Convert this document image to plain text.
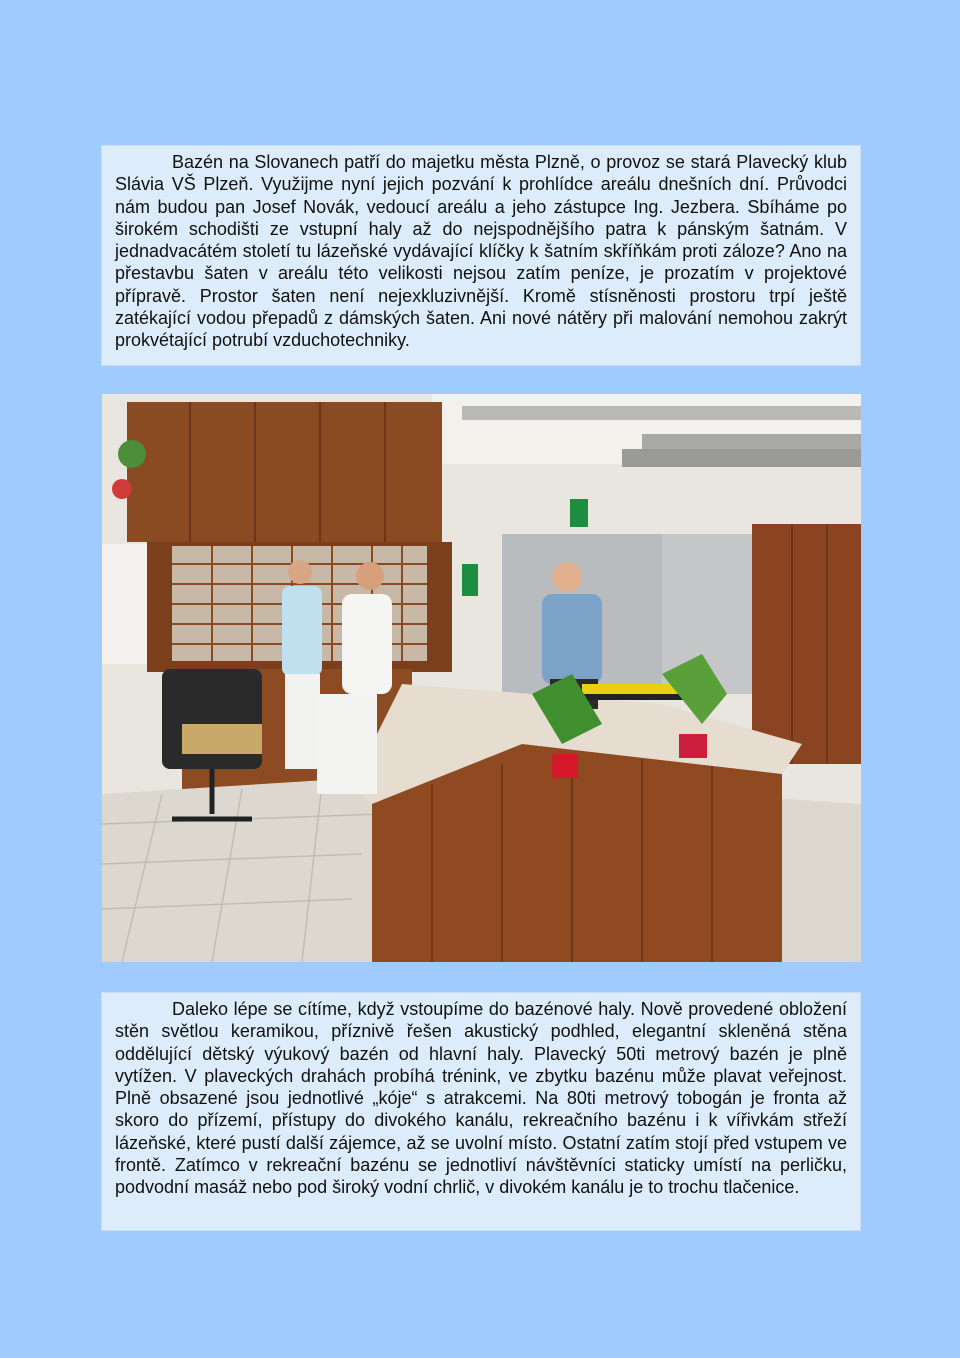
Bazén na Slovanech patří do majetku města Plzně, o provoz se stará Plavecký klub Slávia VŠ Plzeň. Využijme nyní jejich pozvání k prohlídce areálu dnešních dní. Průvodci nám budou pan Josef Novák, vedoucí areálu a jeho zástupce Ing. Jezbera. Sbíháme po širokém schodišti ze vstupní haly až do nejspodnějšího patra k pánským šatnám. V jednadvacátém století tu lázeňské vydávající klíčky k šatním skříňkám proti záloze? Ano na přestavbu šaten v areálu této velikosti nejsou zatím peníze, je prozatím v projektové přípravě. Prostor šaten není nejexkluzivnější. Kromě stísněnosti prostoru trpí ještě zatékající vodou přepadů z dámských šaten. Ani nové nátěry při malování nemohou zakrýt prokvétající potrubí vzduchotechniky.

Daleko lépe se cítíme, když vstoupíme do bazénové haly. Nově provedené obložení stěn světlou keramikou, příznivě řešen akustický podhled, elegantní skleněná stěna oddělující dětský výukový bazén od hlavní haly. Plavecký 50ti metrový bazén je plně vytížen. V plaveckých drahách probíhá trénink, ve zbytku bazénu může plavat veřejnost. Plně obsazené jsou jednotlivé „kóje“ s atrakcemi. Na 80ti metrový tobogán je fronta až skoro do přízemí, přístupy do divokého kanálu, rekreačního bazénu i k vířivkám střeží lázeňské, které pustí další zájemce, až se uvolní místo. Ostatní zatím stojí před vstupem ve frontě. Zatímco v rekreační bazénu se jednotliví návštěvníci staticky umístí na perličku, podvodní masáž nebo pod široký vodní chrlič, v divokém kanálu je to trochu tlačenice.
